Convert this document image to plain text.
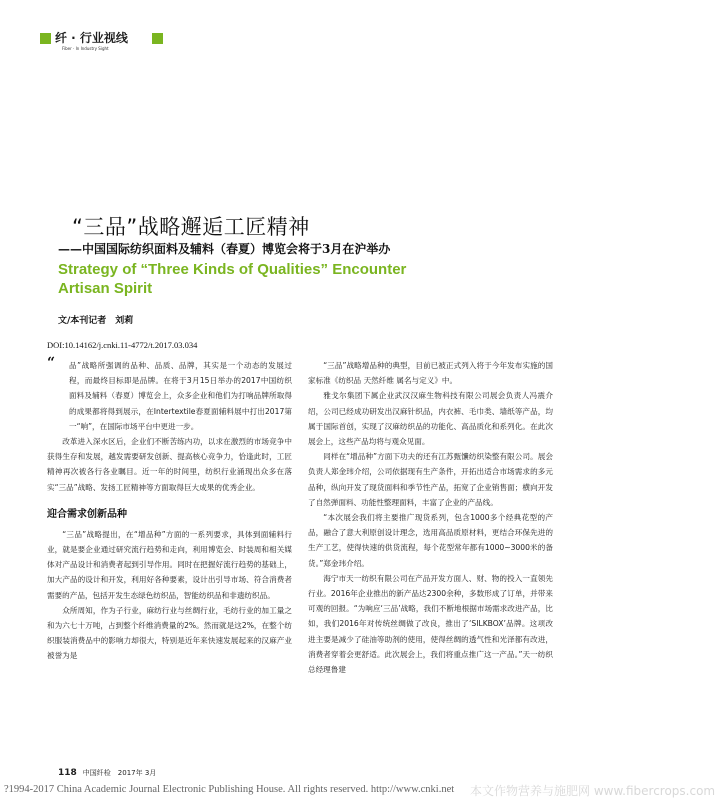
纤 · 行业视线
Fiber · In Industry Sight
“三品”战略邂逅工匠精神
——中国国际纺织面料及辅料（春夏）博览会将于3月在沪举办
Strategy of “Three Kinds of Qualities” Encounter
Artisan Spirit
文/本刊记者　刘莉
DOI:10.14162/j.cnki.11-4772/t.2017.03.034

“ 品”战略所强调的品种、品质、品牌，其实是一个动态的发展过程，而最终目标即是品牌。在将于3月15日举办的2017中国纺织面料及辅料（春夏）博览会上，众多企业和他们为打响品牌所取得的成果都将得到展示，在Intertextile春夏面辅料展中打出2017第一“响”，在国际市场平台中更进一步。

改革进入深水区后，企业们不断苦练内功，以求在激烈的市场竞争中获得生存和发展，越发需要研发创新、提高核心竞争力，恰逢此时，工匠精神再次被各行各业瞩目。近一年的时间里，纺织行业涌现出众多在落实“三品”战略、发扬工匠精神等方面取得巨大成果的优秀企业。

迎合需求创新品种

“三品”战略提出，在“增品种”方面的一系列要求，具体到面辅料行业，就是要企业通过研究流行趋势和走向，利用博览会、时装周和相关媒体对产品设计和消费者起到引导作用。同时在把握好流行趋势的基础上，加大产品的设计和开发，利用好各种要素，设计出引导市场、符合消费者需要的产品，包括开发生态绿色纺织品，智能纺织品和非遗纺织品。

众所周知，作为子行业，麻纺行业与丝绸行业，毛纺行业的加工量之和为六七十万吨，占到整个纤维消费量的2%。然而就是这2%，在整个纺织服装消费品中的影响力却很大，特别是近年来快速发展起来的汉麻产业被誉为是

“三品”战略增品种的典型，目前已被正式列入将于今年发布实施的国家标准《纺织品 天然纤维 属名与定义》中。

雅戈尔集团下属企业武汉汉麻生物科技有限公司展会负责人冯震介绍，公司已经成功研发出汉麻针织品，内衣裤、毛巾类、墙纸等产品，均属于国际首创，实现了汉麻纺织品的功能化、高品质化和系列化。在此次展会上，这些产品均将与观众见面。

同样在“增品种”方面下功夫的还有江苏甄馕纺织染整有限公司。展会负责人郑金玮介绍，公司依据现有生产条件，开拓出适合市场需求的多元品种，纵向开发了现货面料和季节性产品，拓宽了企业销售面；横向开发了自然弹面料、功能性整理面料，丰富了企业的产品线。

“本次展会我们将主要推广现货系列，包含1000多个经典花型的产品，融合了意大利原创设计理念，选用高品质原材料，更结合环保先进的生产工艺，使得快速的供货流程，每个花型常年都有1000~3000米的备货。”郑金玮介绍。

海宁市天一纺织有限公司在产品开发方面人、财、物的投入一直领先行业。2016年企业推出的新产品达2300余种，多数形成了订单，并带来可观的回报。“为响应‘三品’战略，我们不断地根据市场需求改进产品，比如，我们2016年对传统丝绸做了改良，推出了‘SILKBOX’品牌。这项改进主要是减少了硅油等助剂的使用，使得丝绸的透气性和光泽都有改进，消费者穿着会更舒适。此次展会上，我们将重点推广这一产品。”天一纺织总经理鲁建

118 中国纤检　2017年 3月
?1994-2017 China Academic Journal Electronic Publishing House. All rights reserved. http://www.cnki.net 本文作物营养与施肥网 www.fibercrops.com
